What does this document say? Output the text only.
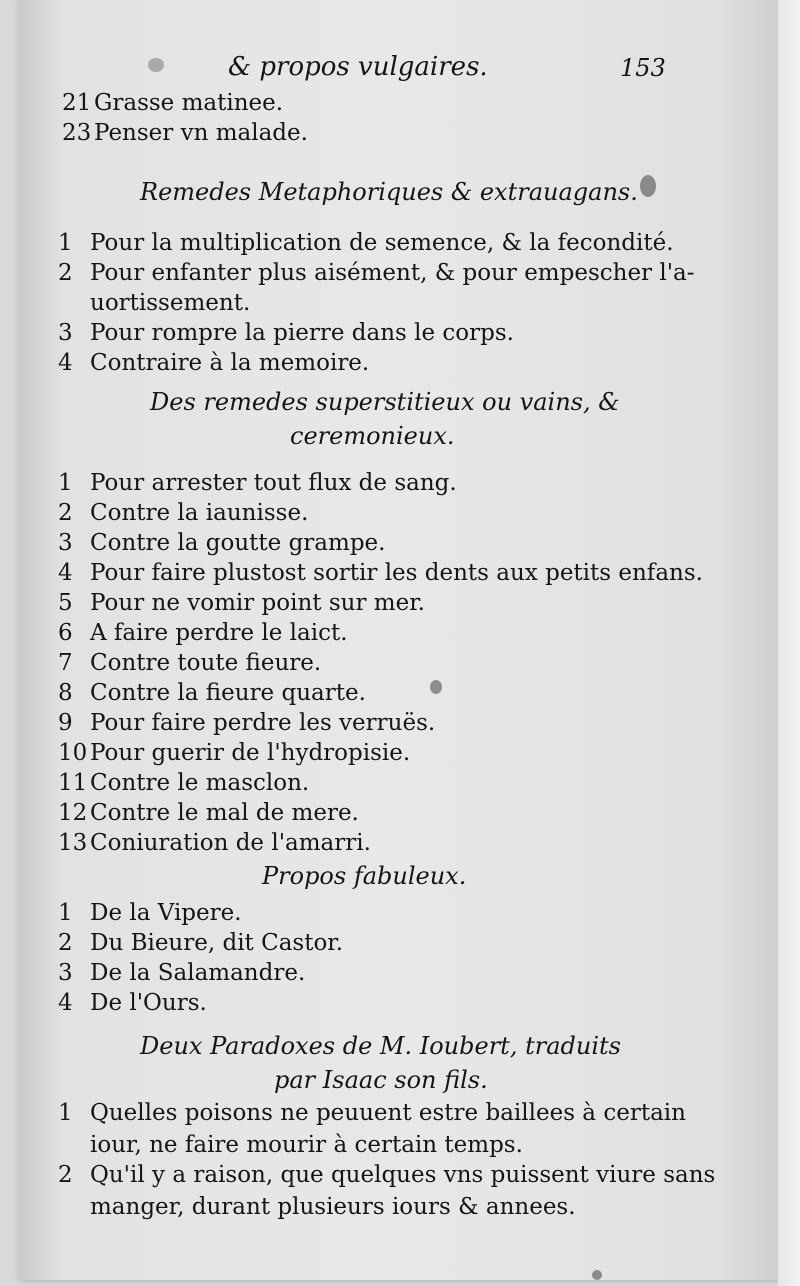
& propos vulgaires.	153
21 Grasse matinee.
23 Penser vn malade.
Remedes Metaphoriques & extrauagans.
1 Pour la multiplication de semence, & la fecondité.
2 Pour enfanter plus aisément, & pour empescher l'a-
uortissement.
3 Pour rompre la pierre dans le corps.
4 Contraire à la memoire.
Des remedes superstitieux ou vains, &
ceremonieux.
1 Pour arrester tout flux de sang.
2 Contre la iaunisse.
3 Contre la goutte grampe.
4 Pour faire plustost sortir les dents aux petits enfans.
5 Pour ne vomir point sur mer.
6 A faire perdre le laict.
7 Contre toute fieure.
8 Contre la fieure quarte.
9 Pour faire perdre les verruës.
10 Pour guerir de l'hydropisie.
11 Contre le masclon.
12 Contre le mal de mere.
13 Coniuration de l'amarri.
Propos fabuleux.
1 De la Vipere.
2 Du Bieure, dit Castor.
3 De la Salamandre.
4 De l'Ours.
Deux Paradoxes de M. Ioubert, traduits
par Isaac son fils.
1 Quelles poisons ne peuuent estre baillees à certain
iour, ne faire mourir à certain temps.
2 Qu'il y a raison, que quelques vns puissent viure sans
manger, durant plusieurs iours & annees.
